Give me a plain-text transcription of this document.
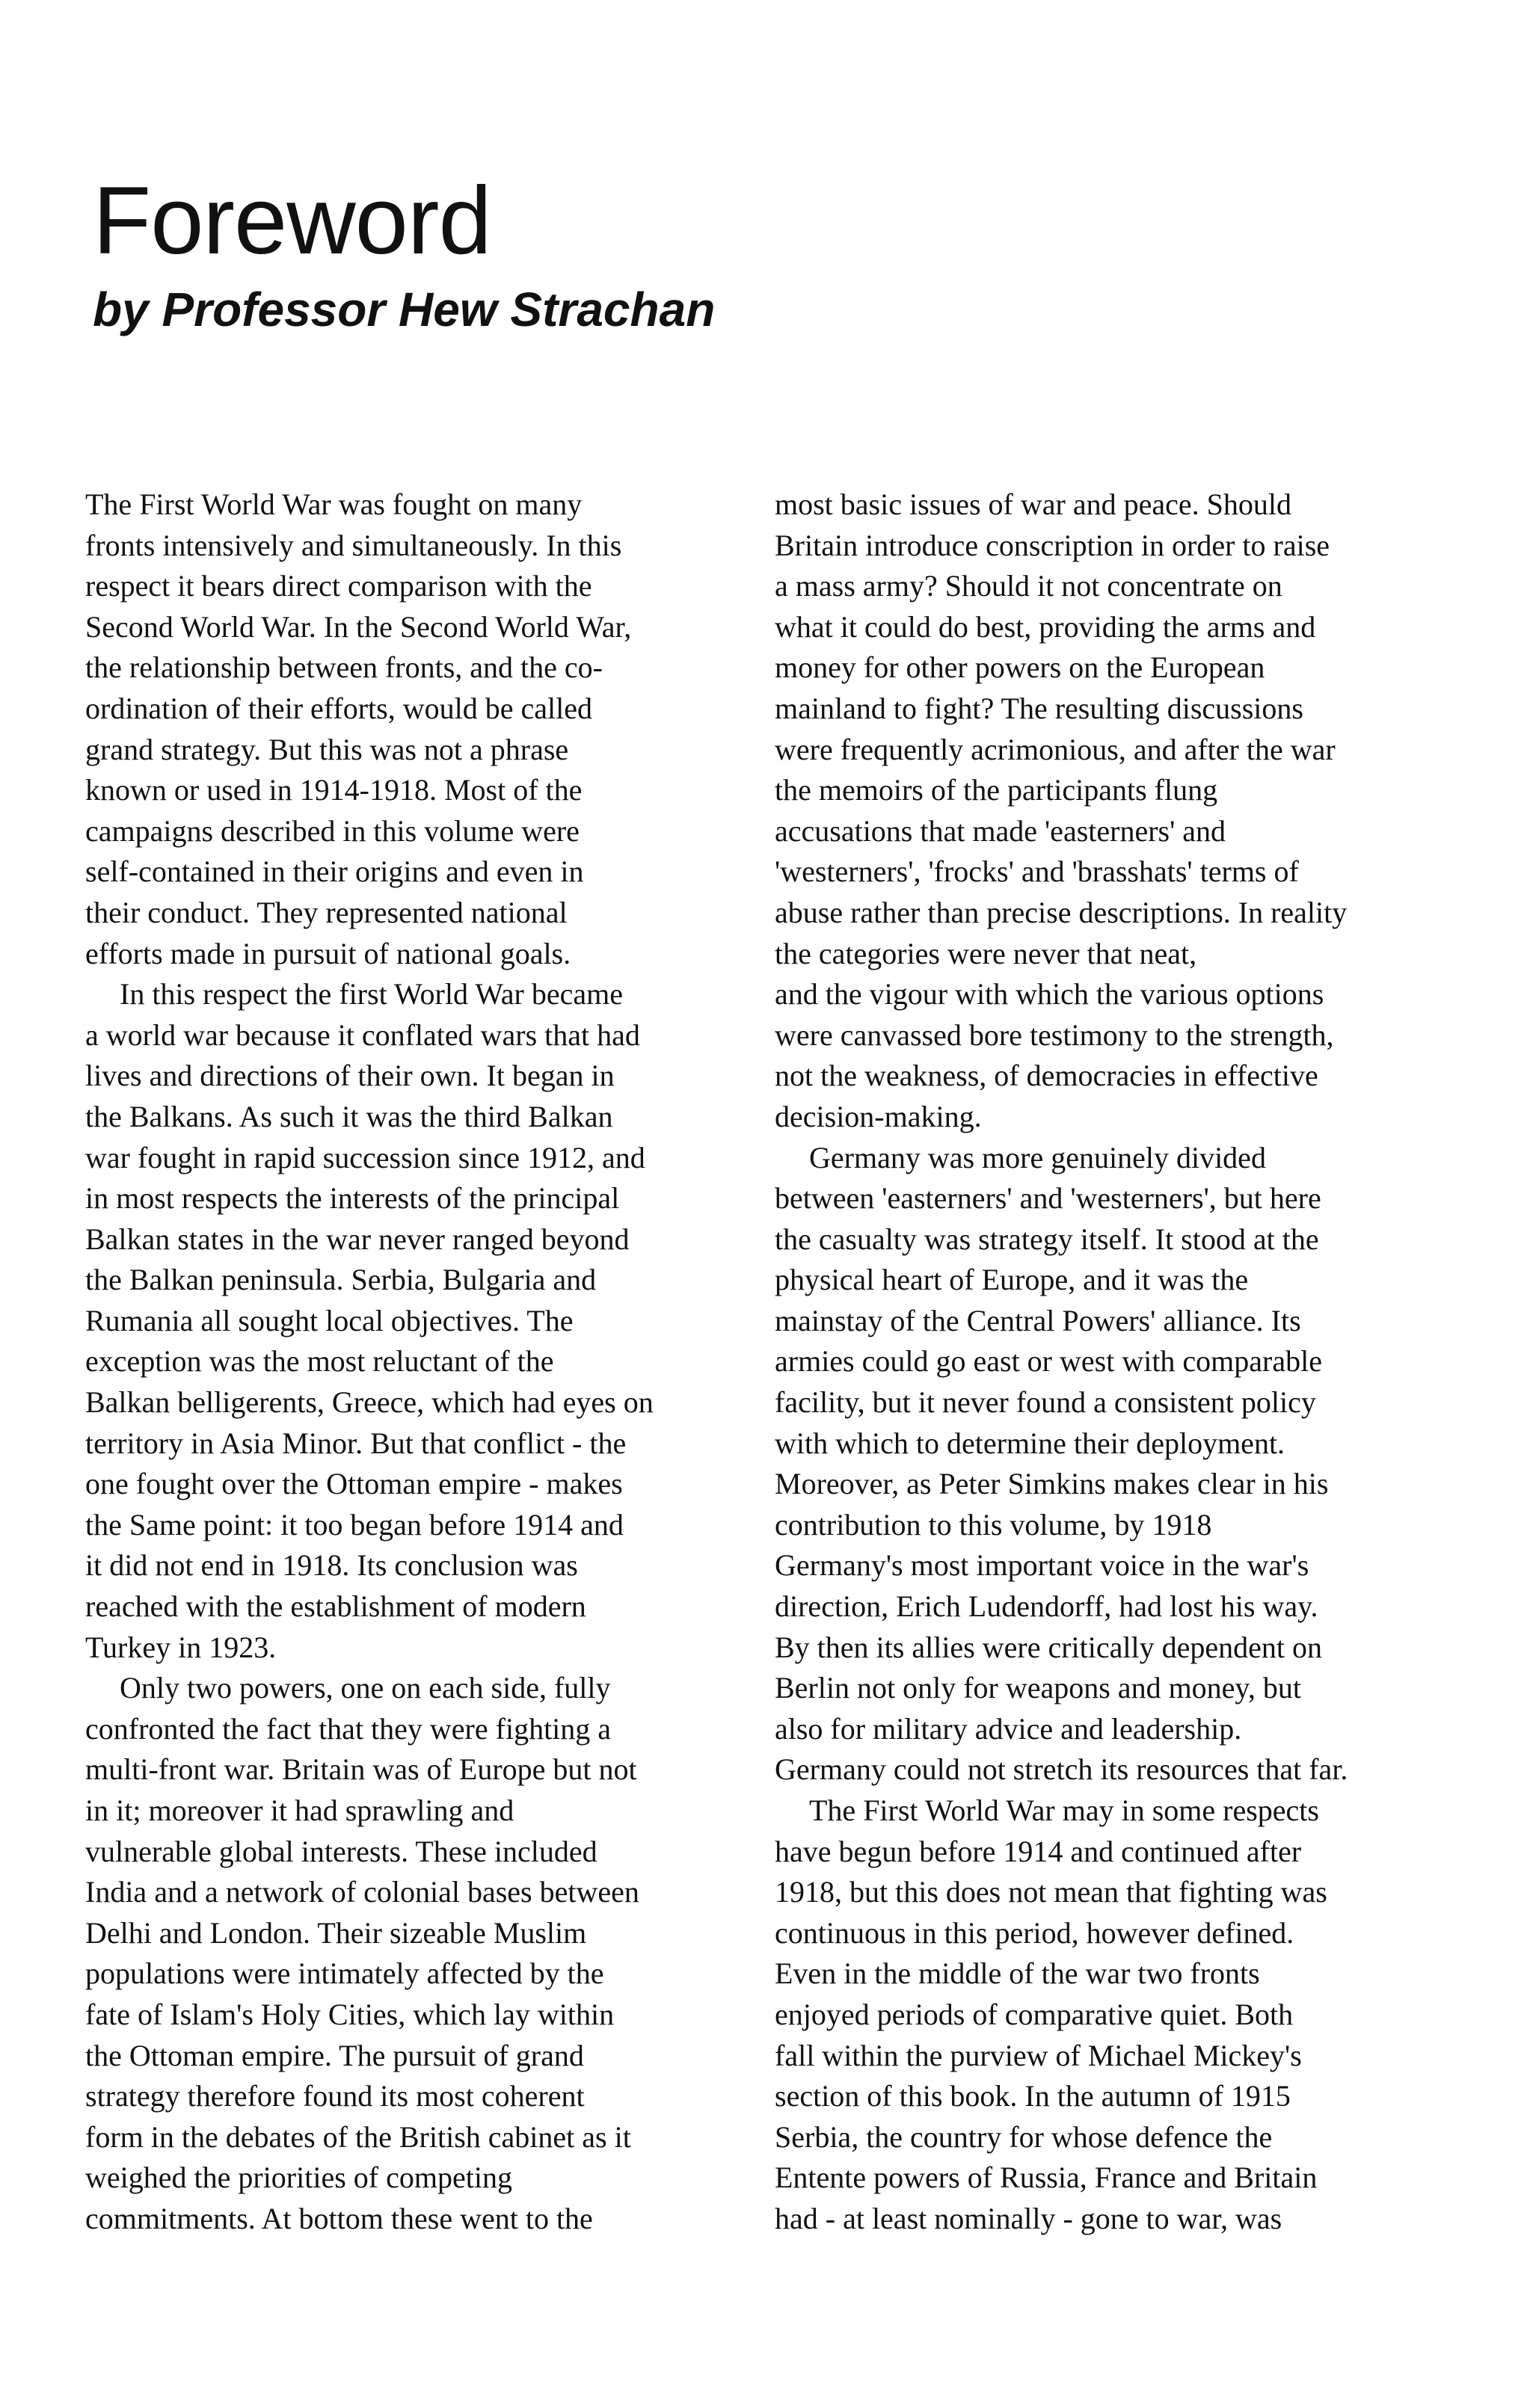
Foreword
by Professor Hew Strachan
The First World War was fought on many
fronts intensively and simultaneously. In this
respect it bears direct comparison with the
Second World War. In the Second World War,
the relationship between fronts, and the co-
ordination of their efforts, would be called
grand strategy. But this was not a phrase
known or used in 1914-1918. Most of the
campaigns described in this volume were
self-contained in their origins and even in
their conduct. They represented national
efforts made in pursuit of national goals.
In this respect the first World War became
a world war because it conflated wars that had
lives and directions of their own. It began in
the Balkans. As such it was the third Balkan
war fought in rapid succession since 1912, and
in most respects the interests of the principal
Balkan states in the war never ranged beyond
the Balkan peninsula. Serbia, Bulgaria and
Rumania all sought local objectives. The
exception was the most reluctant of the
Balkan belligerents, Greece, which had eyes on
territory in Asia Minor. But that conflict - the
one fought over the Ottoman empire - makes
the Same point: it too began before 1914 and
it did not end in 1918. Its conclusion was
reached with the establishment of modern
Turkey in 1923.
Only two powers, one on each side, fully
confronted the fact that they were fighting a
multi-front war. Britain was of Europe but not
in it; moreover it had sprawling and
vulnerable global interests. These included
India and a network of colonial bases between
Delhi and London. Their sizeable Muslim
populations were intimately affected by the
fate of Islam's Holy Cities, which lay within
the Ottoman empire. The pursuit of grand
strategy therefore found its most coherent
form in the debates of the British cabinet as it
weighed the priorities of competing
commitments. At bottom these went to the
most basic issues of war and peace. Should
Britain introduce conscription in order to raise
a mass army? Should it not concentrate on
what it could do best, providing the arms and
money for other powers on the European
mainland to fight? The resulting discussions
were frequently acrimonious, and after the war
the memoirs of the participants flung
accusations that made 'easterners' and
'westerners', 'frocks' and 'brasshats' terms of
abuse rather than precise descriptions. In reality
the categories were never that neat,
and the vigour with which the various options
were canvassed bore testimony to the strength,
not the weakness, of democracies in effective
decision-making.
Germany was more genuinely divided
between 'easterners' and 'westerners', but here
the casualty was strategy itself. It stood at the
physical heart of Europe, and it was the
mainstay of the Central Powers' alliance. Its
armies could go east or west with comparable
facility, but it never found a consistent policy
with which to determine their deployment.
Moreover, as Peter Simkins makes clear in his
contribution to this volume, by 1918
Germany's most important voice in the war's
direction, Erich Ludendorff, had lost his way.
By then its allies were critically dependent on
Berlin not only for weapons and money, but
also for military advice and leadership.
Germany could not stretch its resources that far.
The First World War may in some respects
have begun before 1914 and continued after
1918, but this does not mean that fighting was
continuous in this period, however defined.
Even in the middle of the war two fronts
enjoyed periods of comparative quiet. Both
fall within the purview of Michael Mickey's
section of this book. In the autumn of 1915
Serbia, the country for whose defence the
Entente powers of Russia, France and Britain
had - at least nominally - gone to war, was
